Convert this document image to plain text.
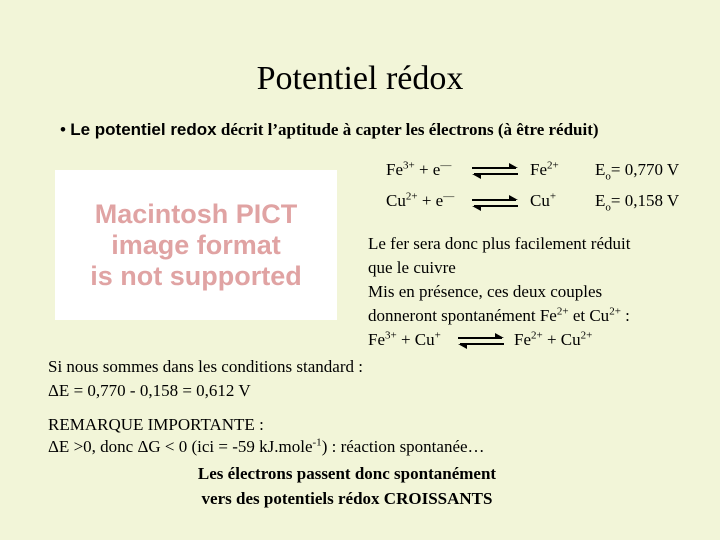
Potentiel rédox
• Le potentiel redox décrit l’aptitude à capter les électrons (à être réduit)
Macintosh PICT
image format
is not supported
$Fe^{3+} + e^—$ ⇌ $Fe^{2+}$ $E_o= 0,770$ V
$Cu^{2+} + e^—$ ⇌ Cu+ $E_o= 0,158$ V
Le fer sera donc plus facilement réduit
que le cuivre
Mis en présence, ces deux couples
donneront spontanément $Fe^{2+}$ et $Cu^{2+}$ :
$Fe^{3+} + Cu^+$ ⇌ $Fe^{2+} + Cu^{2+}$
Si nous sommes dans les conditions standard :
ΔE = 0,770 - 0,158 = 0,612 V
REMARQUE IMPORTANTE :
ΔE >0, donc ΔG < 0 (ici = -59 kJ.mole$^{-1}$) : réaction spontanée…
Les électrons passent donc spontanément
vers des potentiels rédox CROISSANTS
